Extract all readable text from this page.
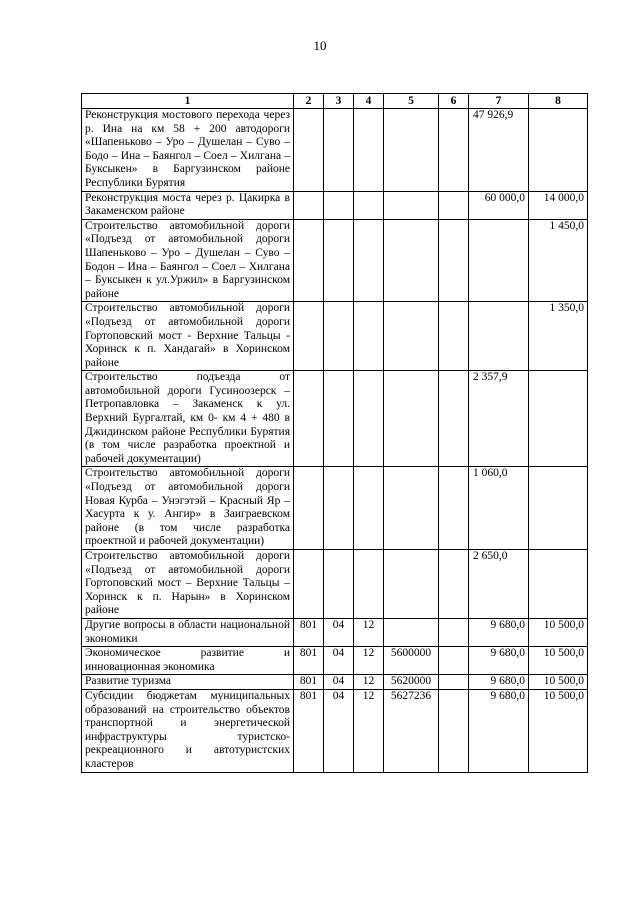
10
1	2	3	4	5	6	7	8
Реконструкция мостового перехода через р. Ина на км 58 + 200 автодороги «Шапеньково – Уро – Душелан – Суво – Бодо – Ина – Баянгол – Соел – Хилгана – Буксыкен» в Баргузинском районе Республики Бурятия						47 926,9	
Реконструкция моста через р. Цакирка в Закаменском районе						60 000,0	14 000,0
Строительство автомобильной дороги «Подъезд от автомобильной дороги Шапеньково – Уро – Душелан – Суво – Бодон – Ина – Баянгол – Соел – Хилгана – Буксыкен к ул.Уржил» в Баргузинском районе							1 450,0
Строительство автомобильной дороги «Подъезд от автомобильной дороги Гортоповский мост - Верхние Тальцы - Хоринск к п. Хандагай» в Хоринском районе							1 350,0
Строительство подъезда от автомобильной дороги Гусиноозерск – Петропавловка – Закаменск к ул. Верхний Бургалтай, км 0- км 4 + 480 в Джидинском районе Республики Бурятия (в том числе разработка проектной и рабочей документации)						2 357,9	
Строительство автомобильной дороги «Подъезд от автомобильной дороги Новая Курба – Унэгэтэй – Красный Яр – Хасурта к у. Ангир» в Заиграевском районе (в том числе разработка проектной и рабочей документации)						1 060,0	
Строительство автомобильной дороги «Подъезд от автомобильной дороги Гортоповский мост – Верхние Тальцы – Хоринск к п. Нарын» в Хоринском районе						2 650,0	
Другие вопросы в области национальной экономики	801	04	12			9 680,0	10 500,0
Экономическое развитие и инновационная экономика	801	04	12	5600000		9 680,0	10 500,0
Развитие туризма	801	04	12	5620000		9 680,0	10 500,0
Субсидии бюджетам муниципальных образований на строительство объектов транспортной и энергетической инфраструктуры туристско-рекреационного и автотуристских кластеров	801	04	12	5627236		9 680,0	10 500,0
